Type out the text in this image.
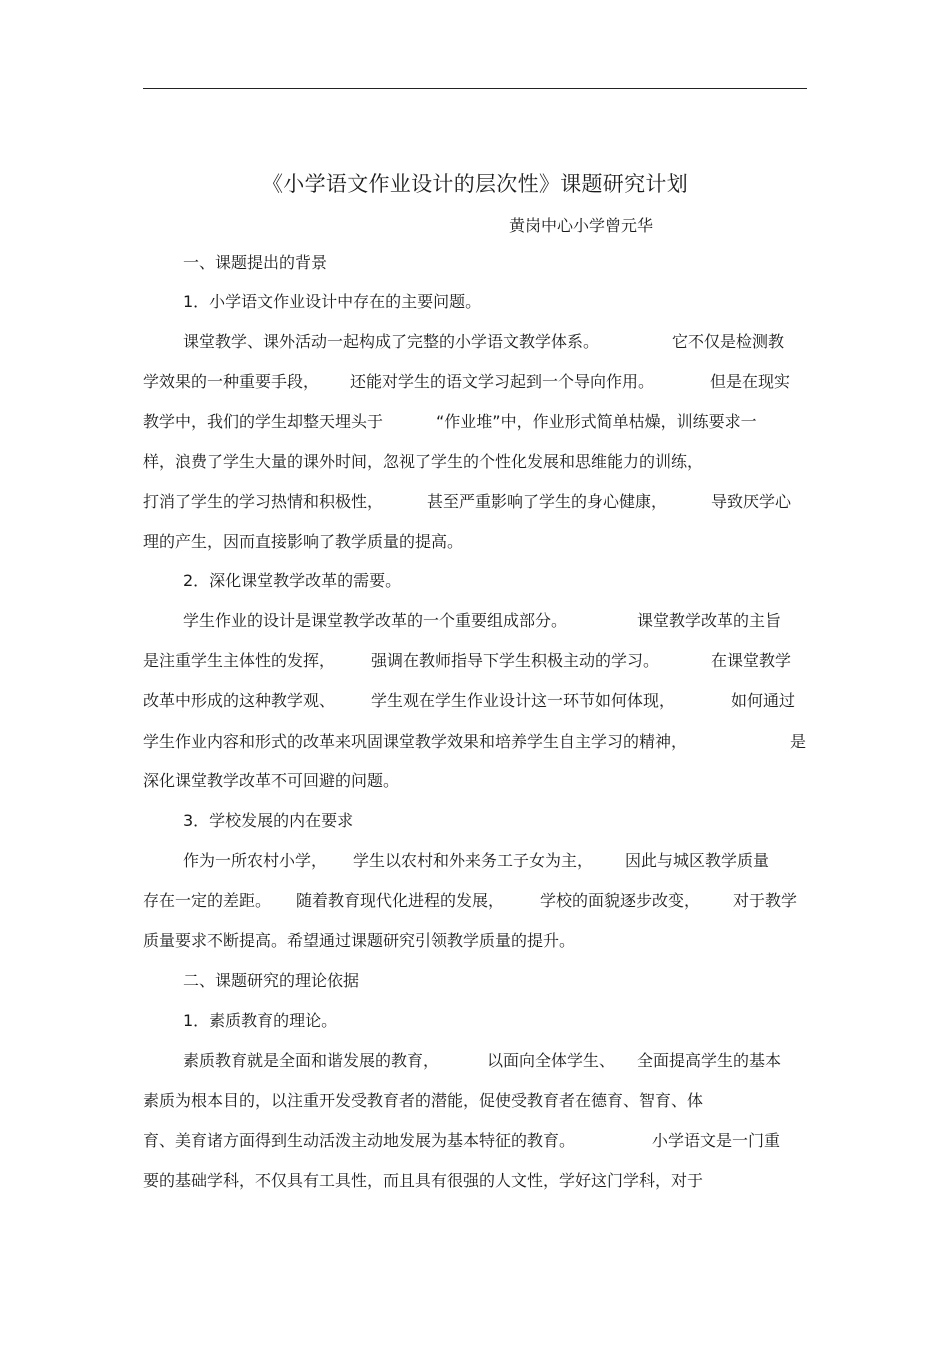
《小学语文作业设计的层次性》课题研究计划
黄岗中心小学曾元华
一、课题提出的背景
1．小学语文作业设计中存在的主要问题。
课堂教学、课外活动一起构成了完整的小学语文教学体系。	它不仅是检测教
学效果的一种重要手段， 还能对学生的语文学习起到一个导向作用。	但是在现实
教学中，我们的学生却整天埋头于	“作业堆”中，作业形式简单枯燥，训练要求一
样，浪费了学生大量的课外时间，忽视了学生的个性化发展和思维能力的训练，
打消了学生的学习热情和积极性，	甚至严重影响了学生的身心健康，	导致厌学心
理的产生，因而直接影响了教学质量的提高。
2．深化课堂教学改革的需要。
学生作业的设计是课堂教学改革的一个重要组成部分。	课堂教学改革的主旨
是注重学生主体性的发挥， 强调在教师指导下学生积极主动的学习。	在课堂教学
改革中形成的这种教学观、 学生观在学生作业设计这一环节如何体现，	如何通过
学生作业内容和形式的改革来巩固课堂教学效果和培养学生自主学习的精神，	是
深化课堂教学改革不可回避的问题。
3．学校发展的内在要求
作为一所农村小学， 学生以农村和外来务工子女为主， 因此与城区教学质量
存在一定的差距。 随着教育现代化进程的发展， 学校的面貌逐步改变， 对于教学
质量要求不断提高。希望通过课题研究引领教学质量的提升。
二、课题研究的理论依据
1．素质教育的理论。
素质教育就是全面和谐发展的教育，	以面向全体学生、 全面提高学生的基本
素质为根本目的，以注重开发受教育者的潜能，促使受教育者在德育、智育、体
育、美育诸方面得到生动活泼主动地发展为基本特征的教育。	小学语文是一门重
要的基础学科，不仅具有工具性，而且具有很强的人文性，学好这门学科，对于
